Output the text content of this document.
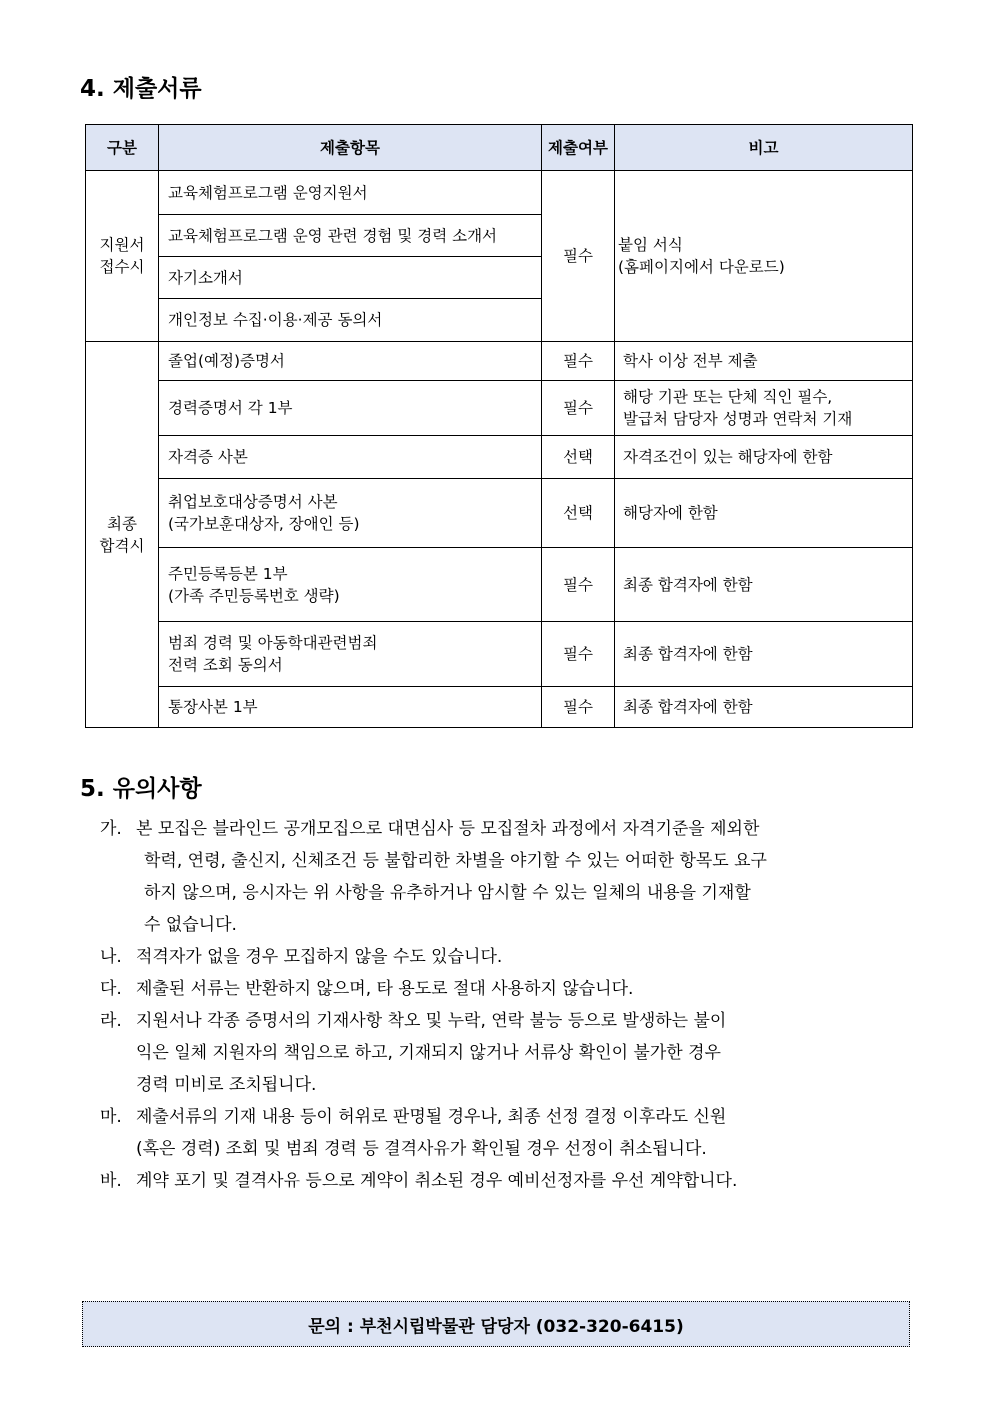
4. 제출서류
구분	제출항목	제출여부	비고
지원서
접수시	교육체험프로그램 운영지원서	필수	붙임 서식
(홈페이지에서 다운로드)
	교육체험프로그램 운영 관련 경험 및 경력 소개서		
	자기소개서		
	개인정보 수집·이용·제공 동의서		
최종
합격시	졸업(예정)증명서	필수	학사 이상 전부 제출
	경력증명서 각 1부	필수	해당 기관 또는 단체 직인 필수,
발급처 담당자 성명과 연락처 기재
	자격증 사본	선택	자격조건이 있는 해당자에 한함
	취업보호대상증명서 사본
(국가보훈대상자, 장애인 등)	선택	해당자에 한함
	주민등록등본 1부
(가족 주민등록번호 생략)	필수	최종 합격자에 한함
	범죄 경력 및 아동학대관련범죄
전력 조회 동의서	필수	최종 합격자에 한함
	통장사본 1부	필수	최종 합격자에 한함
5. 유의사항
가. 본 모집은 블라인드 공개모집으로 대면심사 등 모집절차 과정에서 자격기준을 제외한
학력, 연령, 출신지, 신체조건 등 불합리한 차별을 야기할 수 있는 어떠한 항목도 요구
하지 않으며, 응시자는 위 사항을 유추하거나 암시할 수 있는 일체의 내용을 기재할
수 없습니다.
나. 적격자가 없을 경우 모집하지 않을 수도 있습니다.
다. 제출된 서류는 반환하지 않으며, 타 용도로 절대 사용하지 않습니다.
라. 지원서나 각종 증명서의 기재사항 착오 및 누락, 연락 불능 등으로 발생하는 불이
익은 일체 지원자의 책임으로 하고, 기재되지 않거나 서류상 확인이 불가한 경우
경력 미비로 조치됩니다.
마. 제출서류의 기재 내용 등이 허위로 판명될 경우나, 최종 선정 결정 이후라도 신원
(혹은 경력) 조회 및 범죄 경력 등 결격사유가 확인될 경우 선정이 취소됩니다.
바. 계약 포기 및 결격사유 등으로 계약이 취소된 경우 예비선정자를 우선 계약합니다.
문의 : 부천시립박물관 담당자 (032-320-6415)
